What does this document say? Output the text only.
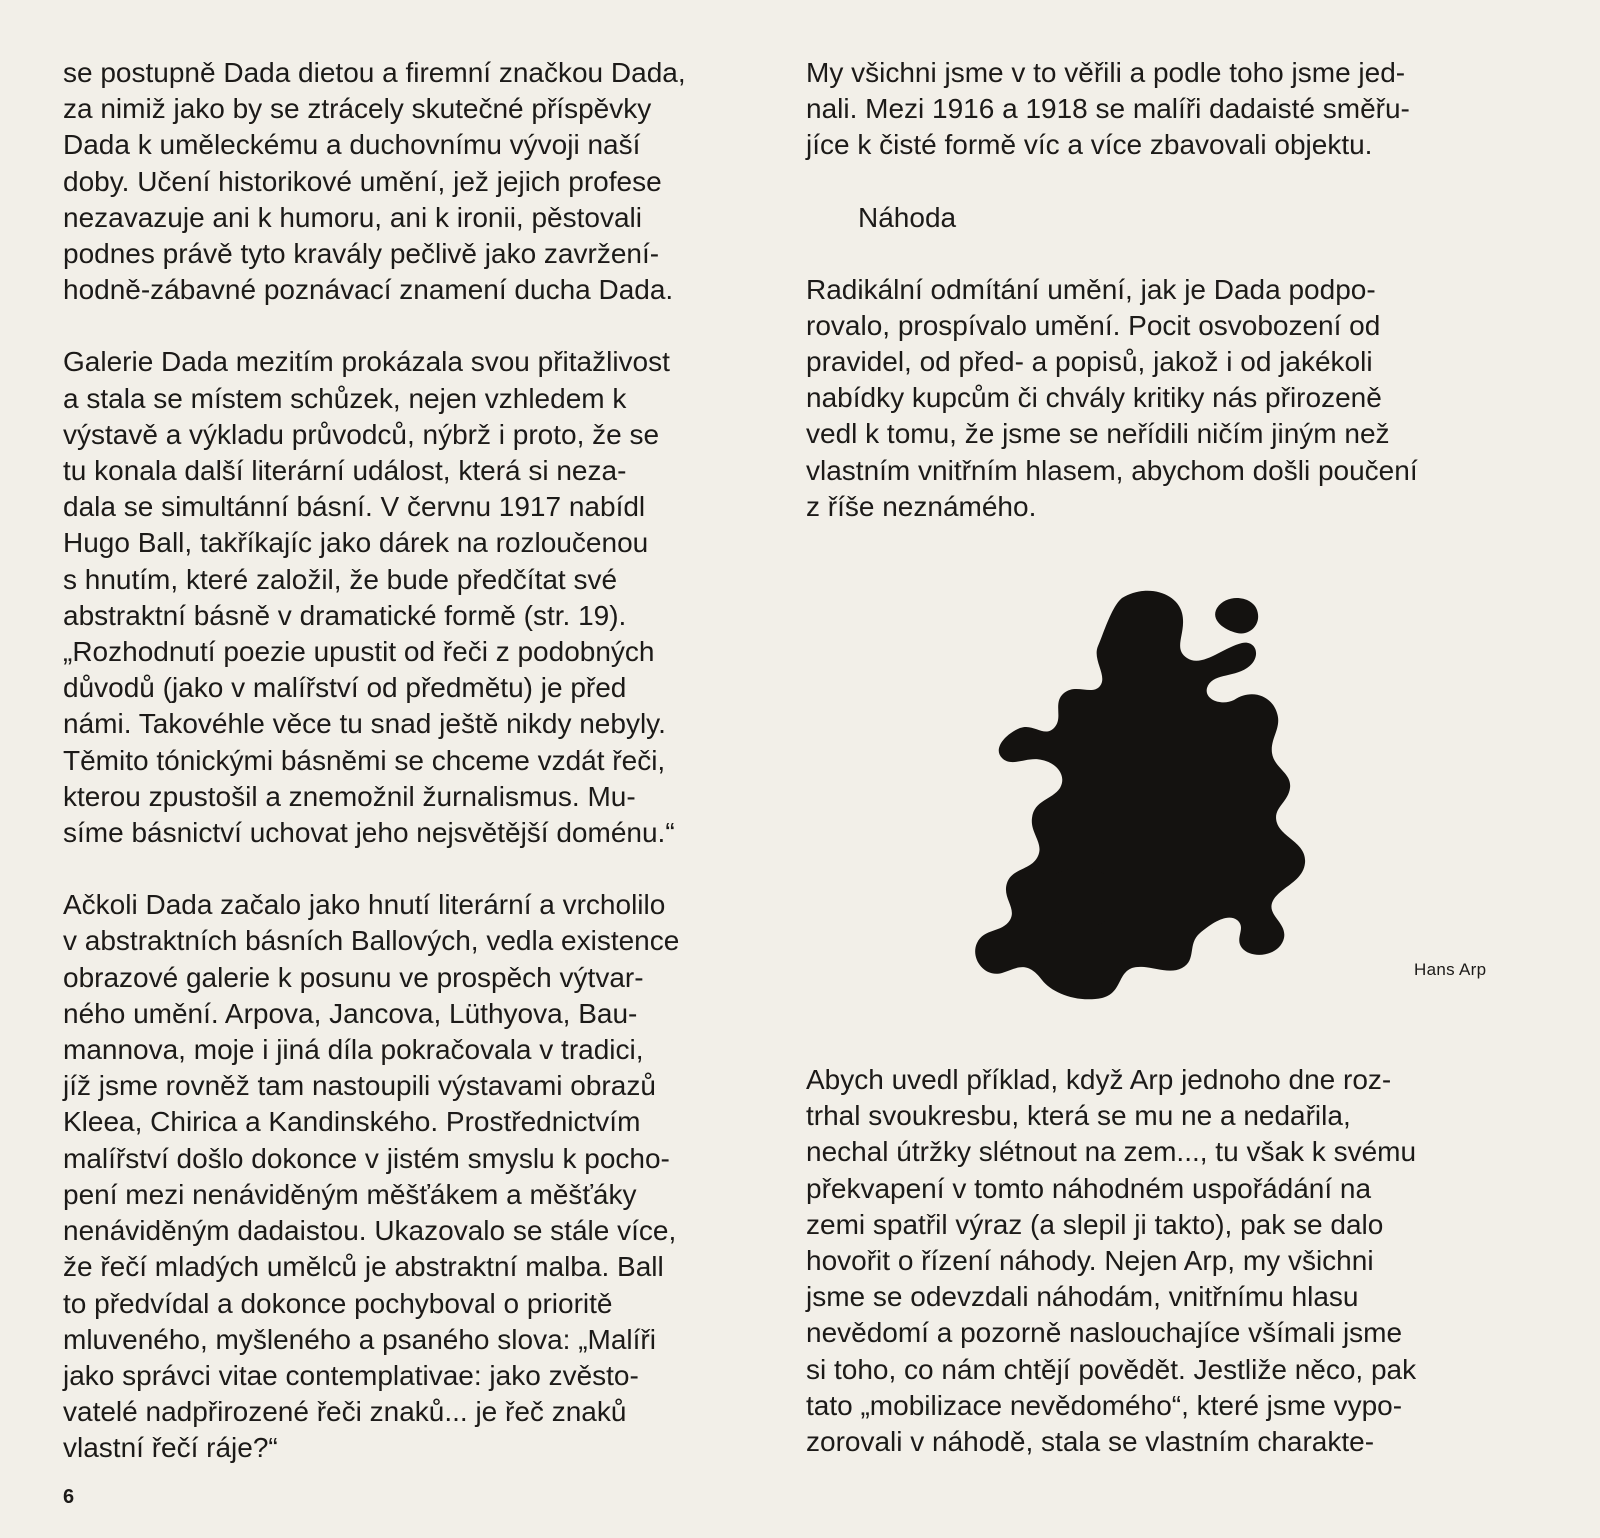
se postupně Dada dietou a firemní značkou Dada,
za nimiž jako by se ztrácely skutečné příspěvky
Dada k uměleckému a duchovnímu vývoji naší
doby. Učení historikové umění, jež jejich profese
nezavazuje ani k humoru, ani k ironii, pěstovali
podnes právě tyto kravály pečlivě jako zavržení-
hodně-zábavné poznávací znamení ducha Dada.
Galerie Dada mezitím prokázala svou přitažlivost
a stala se místem schůzek, nejen vzhledem k
výstavě a výkladu průvodců, nýbrž i proto, že se
tu konala další literární událost, která si neza-
dala se simultánní básní. V červnu 1917 nabídl
Hugo Ball, takříkajíc jako dárek na rozloučenou
s hnutím, které založil, že bude předčítat své
abstraktní básně v dramatické formě (str. 19).
„Rozhodnutí poezie upustit od řeči z podobných
důvodů (jako v malířství od předmětu) je před
námi. Takovéhle věce tu snad ještě nikdy nebyly.
Těmito tónickými básněmi se chceme vzdát řeči,
kterou zpustošil a znemožnil žurnalismus. Mu-
síme básnictví uchovat jeho nejsvětější doménu.“
Ačkoli Dada začalo jako hnutí literární a vrcholilo
v abstraktních básních Ballových, vedla existence
obrazové galerie k posunu ve prospěch výtvar-
ného umění. Arpova, Jancova, Lüthyova, Bau-
mannova, moje i jiná díla pokračovala v tradici,
jíž jsme rovněž tam nastoupili výstavami obrazů
Kleea, Chirica a Kandinského. Prostřednictvím
malířství došlo dokonce v jistém smyslu k pocho-
pení mezi nenáviděným měšťákem a měšťáky
nenáviděným dadaistou. Ukazovalo se stále více,
že řečí mladých umělců je abstraktní malba. Ball
to předvídal a dokonce pochyboval o prioritě
mluveného, myšleného a psaného slova: „Malíři
jako správci vitae contemplativae: jako zvěsto-
vatelé nadpřirozené řeči znaků... je řeč znaků
vlastní řečí ráje?“
My všichni jsme v to věřili a podle toho jsme jed-
nali. Mezi 1916 a 1918 se malíři dadaisté směřu-
jíce k čisté formě víc a více zbavovali objektu.
Náhoda
Radikální odmítání umění, jak je Dada podpo-
rovalo, prospívalo umění. Pocit osvobození od
pravidel, od před- a popisů, jakož i od jakékoli
nabídky kupcům či chvály kritiky nás přirozeně
vedl k tomu, že jsme se neřídili ničím jiným než
vlastním vnitřním hlasem, abychom došli poučení
z říše neznámého.
Abych uvedl příklad, když Arp jednoho dne roz-
trhal svoukresbu, která se mu ne a nedařila,
nechal útržky slétnout na zem..., tu však k svému
překvapení v tomto náhodném uspořádání na
zemi spatřil výraz (a slepil ji takto), pak se dalo
hovořit o řízení náhody. Nejen Arp, my všichni
jsme se odevzdali náhodám, vnitřnímu hlasu
nevědomí a pozorně naslouchajíce všímali jsme
si toho, co nám chtějí povědět. Jestliže něco, pak
tato „mobilizace nevědomého“, které jsme vypo-
zorovali v náhodě, stala se vlastním charakte-
Hans Arp
6
